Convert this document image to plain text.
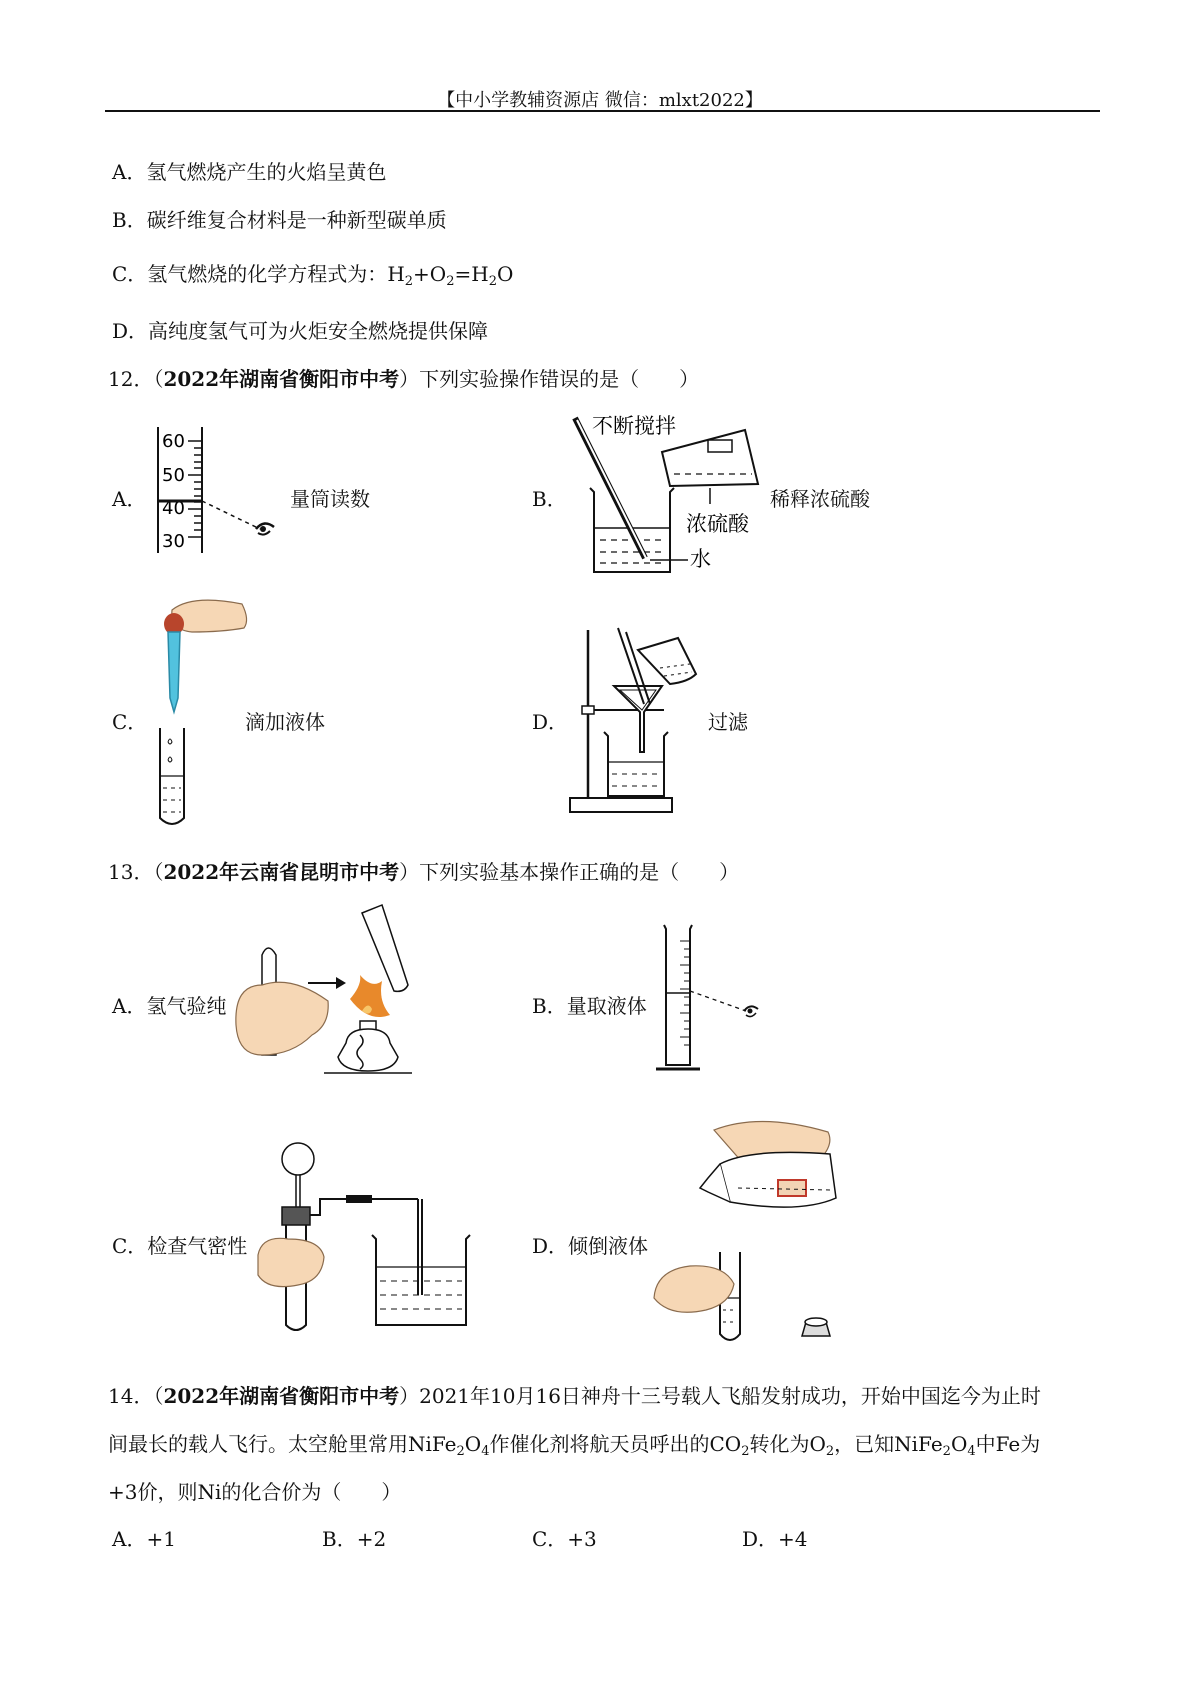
【中小学教辅资源店 微信：mlxt2022】
A．氢气燃烧产生的火焰呈黄色
B．碳纤维复合材料是一种新型碳单质
C．氢气燃烧的化学方程式为：$H_2+O_2=H_2O$
D．高纯度氢气可为火炬安全燃烧提供保障
12．（2022年湖南省衡阳市中考）下列实验操作错误的是（　　）
A．
60
50
40
30
量筒读数	B．
不断搅拌
浓硫酸
水
稀释浓硫酸
C．	滴加液体	D．	过滤
13．（2022年云南省昆明市中考）下列实验基本操作正确的是（　　）
A．氢气验纯	B．量取液体
C．检查气密性	D．倾倒液体
14．（2022年湖南省衡阳市中考）2021年10月16日神舟十三号载人飞船发射成功，开始中国迄今为止时
间最长的载人飞行。太空舱里常用$NiFe_2O_4$作催化剂将航天员呼出的$CO_2$转化为$O_2$，已知$NiFe_2O_4$中Fe为
+3价，则Ni的化合价为（　　）
A．+1	B．+2	C．+3	D．+4
